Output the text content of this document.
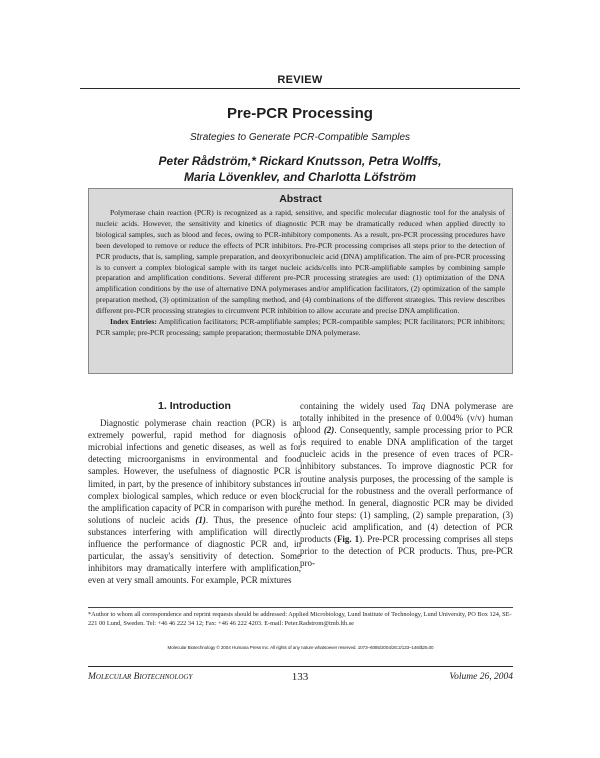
REVIEW
Pre-PCR Processing
Strategies to Generate PCR-Compatible Samples
Peter Rådström,* Rickard Knutsson, Petra Wolffs,
Maria Lövenklev, and Charlotta Löfström
Abstract

Polymerase chain reaction (PCR) is recognized as a rapid, sensitive, and specific molecular diagnostic tool for the analysis of nucleic acids. However, the sensitivity and kinetics of diagnostic PCR may be dramatically reduced when applied directly to biological samples, such as blood and feces, owing to PCR-inhibitory components. As a result, pre-PCR processing procedures have been developed to remove or reduce the effects of PCR inhibitors. Pre-PCR processing comprises all steps prior to the detection of PCR products, that is, sampling, sample preparation, and deoxyribonucleic acid (DNA) amplification. The aim of pre-PCR processing is to convert a complex biological sample with its target nucleic acids/cells into PCR-amplifiable samples by combining sample preparation and amplification conditions. Several different pre-PCR processing strategies are used: (1) optimization of the DNA amplification conditions by the use of alternative DNA polymerases and/or amplification facilitators, (2) optimization of the sample preparation method, (3) optimization of the sampling method, and (4) combinations of the different strategies. This review describes different pre-PCR processing strategies to circumvent PCR inhibition to allow accurate and precise DNA amplification.

Index Entries: Amplification facilitators; PCR-amplifiable samples; PCR-compatible samples; PCR facilitators; PCR inhibitors; PCR sample; pre-PCR processing; sample preparation; thermostable DNA polymerase.

1. Introduction

Diagnostic polymerase chain reaction (PCR) is an extremely powerful, rapid method for diagnosis of microbial infections and genetic diseases, as well as for detecting microorganisms in environmental and food samples. However, the usefulness of diagnostic PCR is limited, in part, by the presence of inhibitory substances in complex biological samples, which reduce or even block the amplification capacity of PCR in comparison with pure solutions of nucleic acids (1). Thus, the presence of substances interfering with amplification will directly influence the performance of diagnostic PCR and, in particular, the assay's sensitivity of detection. Some inhibitors may dramatically interfere with amplification, even at very small amounts. For example, PCR mixtures

containing the widely used Taq DNA polymerase are totally inhibited in the presence of 0.004% (v/v) human blood (2). Consequently, sample processing prior to PCR is required to enable DNA amplification of the target nucleic acids in the presence of even traces of PCR-inhibitory substances. To improve diagnostic PCR for routine analysis purposes, the processing of the sample is crucial for the robustness and the overall performance of the method. In general, diagnostic PCR may be divided into four steps: (1) sampling, (2) sample preparation, (3) nucleic acid amplification, and (4) detection of PCR products (Fig. 1). Pre-PCR processing comprises all steps prior to the detection of PCR products. Thus, pre-PCR pro-

*Author to whom all correspondence and reprint requests should be addressed: Applied Microbiology, Lund Institute of Technology, Lund University, PO Box 124, SE-221 00 Lund, Sweden. Tel: +46 46 222 34 12; Fax: +46 46 222 4203. E-mail: Peter.Radstrom@tmb.lth.se
Molecular Biotechnology © 2004 Humana Press Inc. All rights of any nature whatsoever reserved. 1073–6085/2004/26:2/133–146/$25.00
Molecular Biotechnology	133	Volume 26, 2004
